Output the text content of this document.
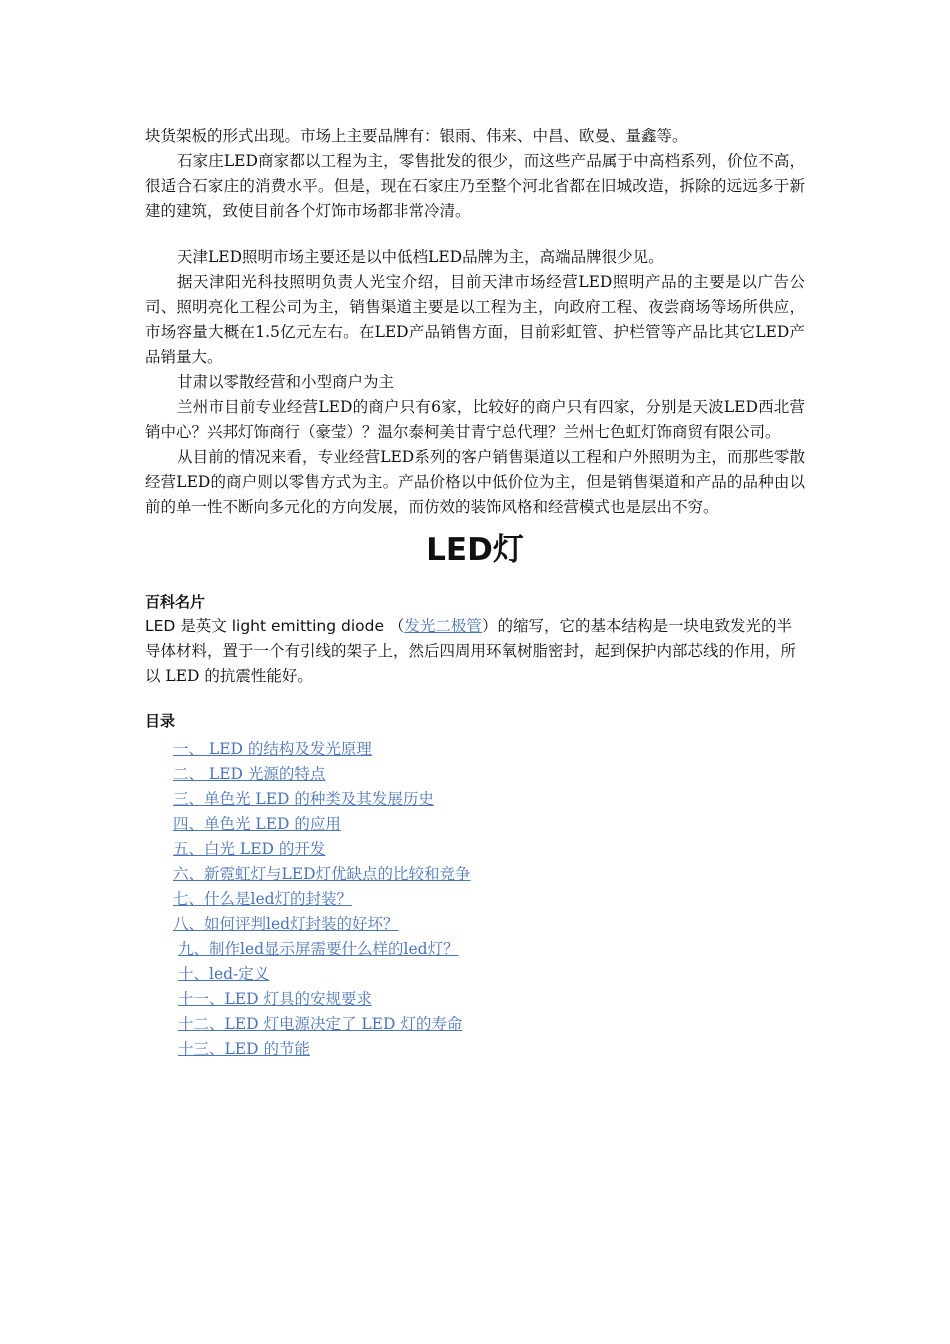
块货架板的形式出现。市场上主要品牌有：银雨、伟来、中昌、欧曼、量鑫等。

石家庄LED商家都以工程为主，零售批发的很少，而这些产品属于中高档系列，价位不高，很适合石家庄的消费水平。但是，现在石家庄乃至整个河北省都在旧城改造，拆除的远远多于新建的建筑，致使目前各个灯饰市场都非常冷清。

天津LED照明市场主要还是以中低档LED品牌为主，高端品牌很少见。

据天津阳光科技照明负责人光宝介绍，目前天津市场经营LED照明产品的主要是以广告公司、照明亮化工程公司为主，销售渠道主要是以工程为主，向政府工程、夜尝商场等场所供应，市场容量大概在1.5亿元左右。在LED产品销售方面，目前彩虹管、护栏管等产品比其它LED产品销量大。

甘肃以零散经营和小型商户为主

兰州市目前专业经营LED的商户只有6家，比较好的商户只有四家，分别是天波LED西北营销中心？兴邦灯饰商行（豪莹）？温尔泰柯美甘青宁总代理？兰州七色虹灯饰商贸有限公司。

从目前的情况来看，专业经营LED系列的客户销售渠道以工程和户外照明为主，而那些零散经营LED的商户则以零售方式为主。产品价格以中低价位为主，但是销售渠道和产品的品种由以前的单一性不断向多元化的方向发展，而仿效的装饰风格和经营模式也是层出不穷。

LED灯

百科名片

LED 是英文 light emitting diode （发光二极管）的缩写，它的基本结构是一块电致发光的半导体材料，置于一个有引线的架子上，然后四周用环氧树脂密封，起到保护内部芯线的作用，所以 LED 的抗震性能好。

目录

一、 LED 的结构及发光原理
二、 LED 光源的特点
三、单色光 LED 的种类及其发展历史
四、单色光 LED 的应用
五、白光 LED 的开发
六、新霓虹灯与LED灯优缺点的比较和竞争
七、什么是led灯的封装？
八、如何评判led灯封装的好坏？
九、制作led显示屏需要什么样的led灯？
十、led-定义
十一、LED 灯具的安规要求
十二、LED 灯电源决定了 LED 灯的寿命
十三、LED 的节能
